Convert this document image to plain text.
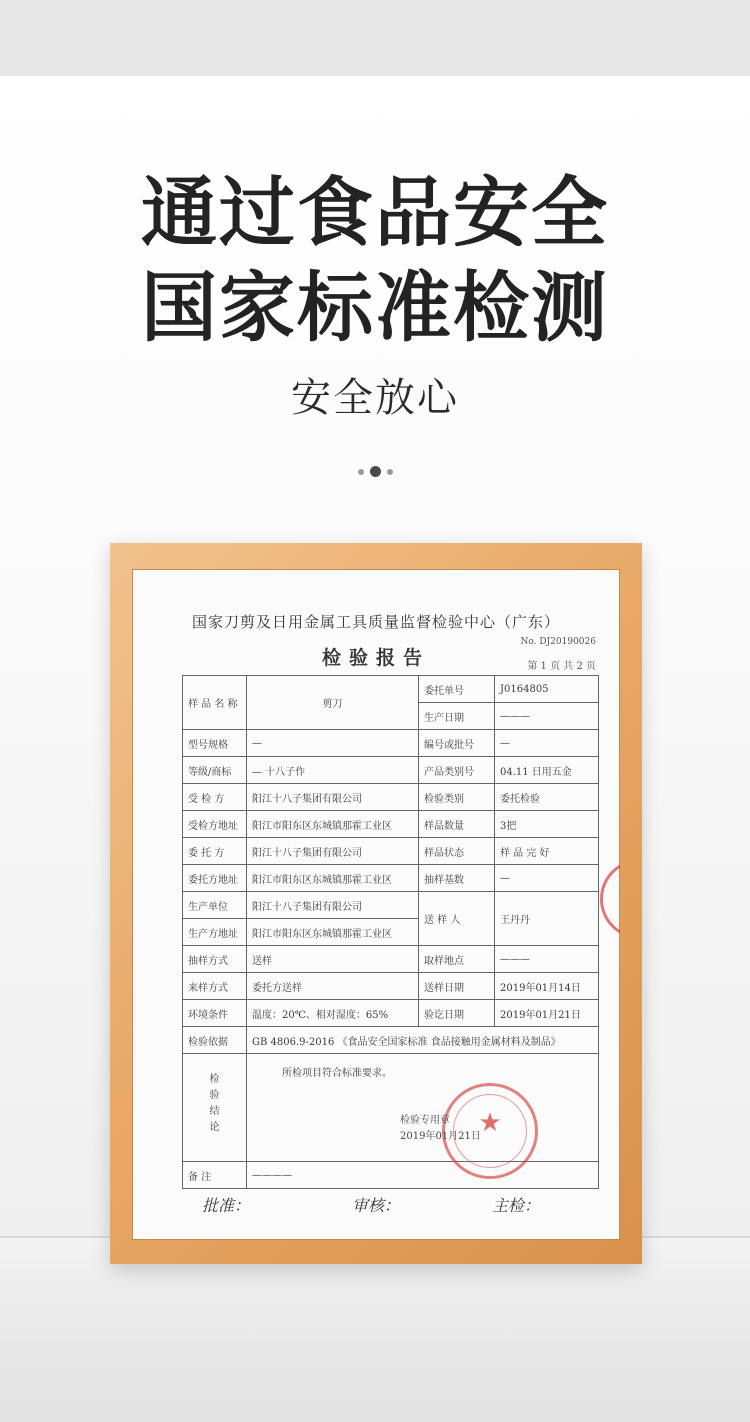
通过食品安全
国家标准检测
安全放心
国家刀剪及日用金属工具质量监督检验中心（广东）
No. DJ20190026
检验报告	第 1 页 共 2 页
样 品 名 称	剪刀	委托单号	J0164805
		生产日期	———
型号规格	—	编号或批号	—
等级/商标	— 十八子作	产品类别号	04.11 日用五金
受 检 方	阳江十八子集团有限公司	检验类别	委托检验
受检方地址	阳江市阳东区东城镇那霍工业区	样品数量	3把
委 托 方	阳江十八子集团有限公司	样品状态	样 品 完 好
委托方地址	阳江市阳东区东城镇那霍工业区	抽样基数	—
生产单位	阳江十八子集团有限公司	送 样 人	王丹丹
生产方地址	阳江市阳东区东城镇那霍工业区		
抽样方式	送样	取样地点	———
来样方式	委托方送样	送样日期	2019年01月14日
环境条件	温度：20℃、相对湿度：65%	验讫日期	2019年01月21日
检验依据	GB 4806.9-2016 《食品安全国家标准 食品接触用金属材料及制品》		

检验结论	所检项目符合标准要求。		

备 注	————		
★
检验专用章
2019年01月21日
批准：	审核：	主检：
